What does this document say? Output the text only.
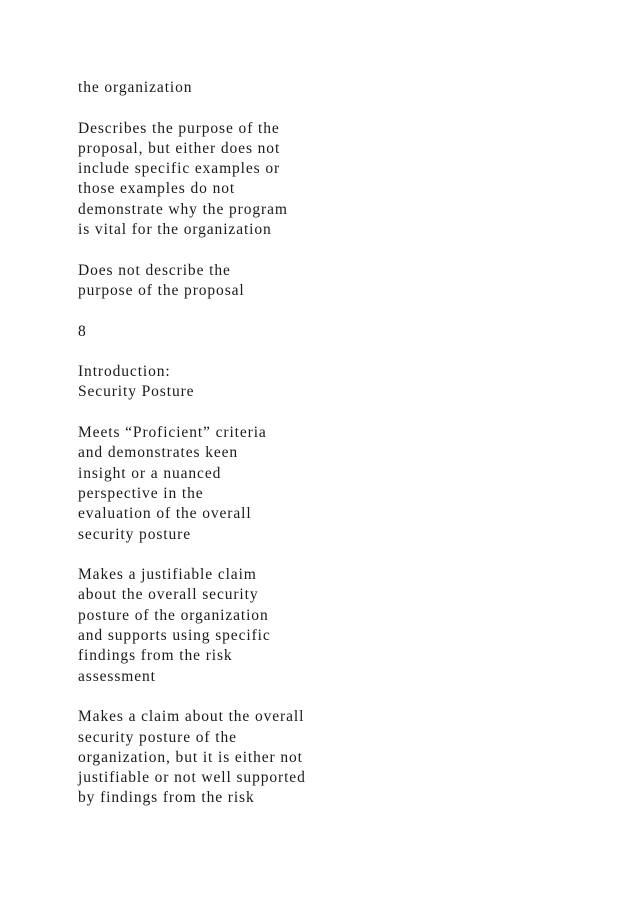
the organization

Describes the purpose of the
proposal, but either does not
include specific examples or
those examples do not
demonstrate why the program
is vital for the organization

Does not describe the
purpose of the proposal

8

Introduction:
Security Posture

Meets “Proficient” criteria
and demonstrates keen
insight or a nuanced
perspective in the
evaluation of the overall
security posture

Makes a justifiable claim
about the overall security
posture of the organization
and supports using specific
findings from the risk
assessment

Makes a claim about the overall
security posture of the
organization, but it is either not
justifiable or not well supported
by findings from the risk
